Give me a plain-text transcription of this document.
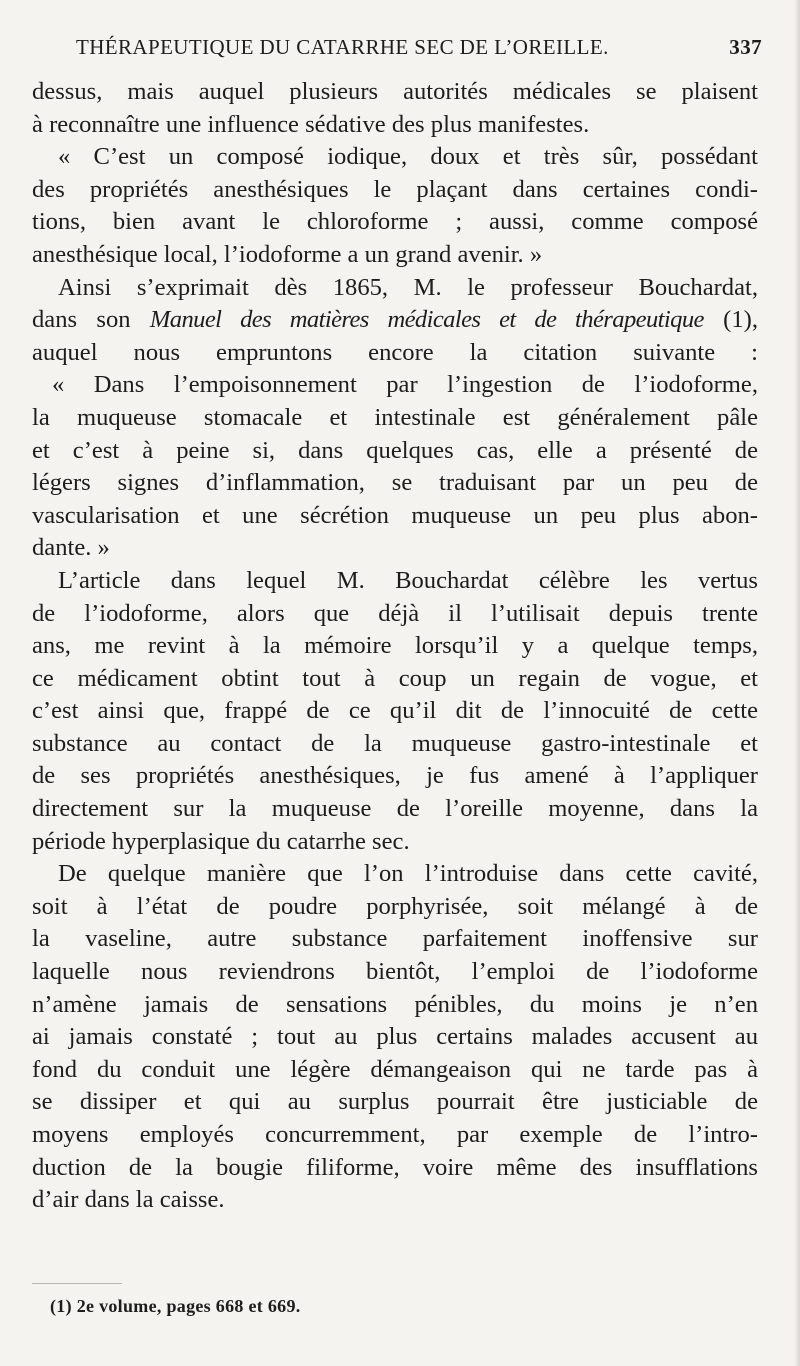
THÉRAPEUTIQUE DU CATARRHE SEC DE L’OREILLE.	337
dessus, mais auquel plusieurs autorités médicales se plaisent
à reconnaître une influence sédative des plus manifestes.
« C’est un composé iodique, doux et très sûr, possédant
des propriétés anesthésiques le plaçant dans certaines condi-
tions, bien avant le chloroforme ; aussi, comme composé
anesthésique local, l’iodoforme a un grand avenir. »
Ainsi s’exprimait dès 1865, M. le professeur Bouchardat,
dans son Manuel des matières médicales et de thérapeutique (1),
auquel nous empruntons encore la citation suivante :
« Dans l’empoisonnement par l’ingestion de l’iodoforme,
la muqueuse stomacale et intestinale est généralement pâle
et c’est à peine si, dans quelques cas, elle a présenté de
légers signes d’inflammation, se traduisant par un peu de
vascularisation et une sécrétion muqueuse un peu plus abon-
dante. »
L’article dans lequel M. Bouchardat célèbre les vertus
de l’iodoforme, alors que déjà il l’utilisait depuis trente
ans, me revint à la mémoire lorsqu’il y a quelque temps,
ce médicament obtint tout à coup un regain de vogue, et
c’est ainsi que, frappé de ce qu’il dit de l’innocuité de cette
substance au contact de la muqueuse gastro-intestinale et
de ses propriétés anesthésiques, je fus amené à l’appliquer
directement sur la muqueuse de l’oreille moyenne, dans la
période hyperplasique du catarrhe sec.
De quelque manière que l’on l’introduise dans cette cavité,
soit à l’état de poudre porphyrisée, soit mélangé à de
la vaseline, autre substance parfaitement inoffensive sur
laquelle nous reviendrons bientôt, l’emploi de l’iodoforme
n’amène jamais de sensations pénibles, du moins je n’en
ai jamais constaté ; tout au plus certains malades accusent au
fond du conduit une légère démangeaison qui ne tarde pas à
se dissiper et qui au surplus pourrait être justiciable de
moyens employés concurremment, par exemple de l’intro-
duction de la bougie filiforme, voire même des insufflations
d’air dans la caisse.
(1) 2e volume, pages 668 et 669.
